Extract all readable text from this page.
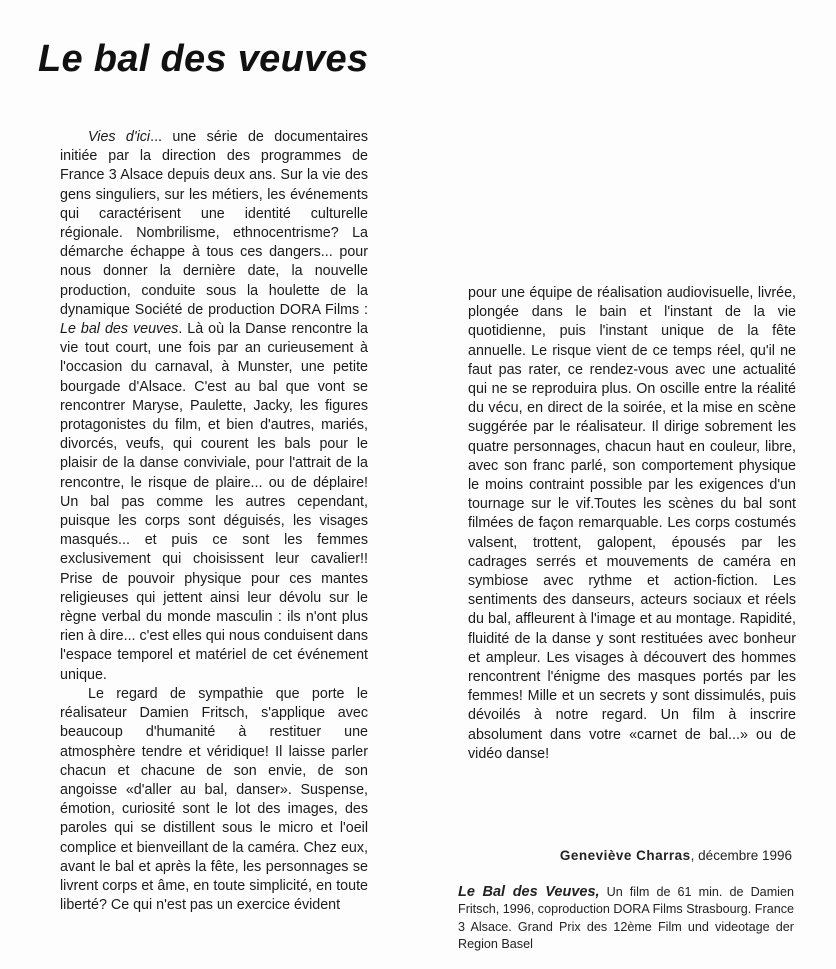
Le bal des veuves

Vies d'ici... une série de documentaires initiée par la direction des programmes de France 3 Alsace depuis deux ans. Sur la vie des gens singuliers, sur les métiers, les événements qui caractérisent une identité culturelle régionale. Nombrilisme, ethnocentrisme? La démarche échappe à tous ces dangers... pour nous donner la dernière date, la nouvelle production, conduite sous la houlette de la dynamique Société de production DORA Films : Le bal des veuves. Là où la Danse rencontre la vie tout court, une fois par an curieusement à l'occasion du carnaval, à Munster, une petite bourgade d'Alsace. C'est au bal que vont se rencontrer Maryse, Paulette, Jacky, les figures protagonistes du film, et bien d'autres, mariés, divorcés, veufs, qui courent les bals pour le plaisir de la danse conviviale, pour l'attrait de la rencontre, le risque de plaire... ou de déplaire! Un bal pas comme les autres cependant, puisque les corps sont déguisés, les visages masqués... et puis ce sont les femmes exclusivement qui choisissent leur cavalier!! Prise de pouvoir physique pour ces mantes religieuses qui jettent ainsi leur dévolu sur le règne verbal du monde masculin : ils n'ont plus rien à dire... c'est elles qui nous conduisent dans l'espace temporel et matériel de cet événement unique.

Le regard de sympathie que porte le réalisateur Damien Fritsch, s'applique avec beaucoup d'humanité à restituer une atmosphère tendre et véridique! Il laisse parler chacun et chacune de son envie, de son angoisse «d'aller au bal, danser». Suspense, émotion, curiosité sont le lot des images, des paroles qui se distillent sous le micro et l'oeil complice et bienveillant de la caméra. Chez eux, avant le bal et après la fête, les personnages se livrent corps et âme, en toute simplicité, en toute liberté? Ce qui n'est pas un exercice évident

pour une équipe de réalisation audiovisuelle, livrée, plongée dans le bain et l'instant de la vie quotidienne, puis l'instant unique de la fête annuelle. Le risque vient de ce temps réel, qu'il ne faut pas rater, ce rendez-vous avec une actualité qui ne se reproduira plus. On oscille entre la réalité du vécu, en direct de la soirée, et la mise en scène suggérée par le réalisateur. Il dirige sobrement les quatre personnages, chacun haut en couleur, libre, avec son franc parlé, son comportement physique le moins contraint possible par les exigences d'un tournage sur le vif.Toutes les scènes du bal sont filmées de façon remarquable. Les corps costumés valsent, trottent, galopent, épousés par les cadrages serrés et mouvements de caméra en symbiose avec rythme et action-fiction. Les sentiments des danseurs, acteurs sociaux et réels du bal, affleurent à l'image et au montage. Rapidité, fluidité de la danse y sont restituées avec bonheur et ampleur. Les visages à découvert des hommes rencontrent l'énigme des masques portés par les femmes! Mille et un secrets y sont dissimulés, puis dévoilés à notre regard. Un film à inscrire absolument dans votre «carnet de bal...» ou de vidéo danse!

Geneviève Charras, décembre 1996
Le Bal des Veuves, Un film de 61 min. de Damien Fritsch, 1996, coproduction DORA Films Strasbourg. France 3 Alsace. Grand Prix des 12ème Film und videotage der Region Basel
